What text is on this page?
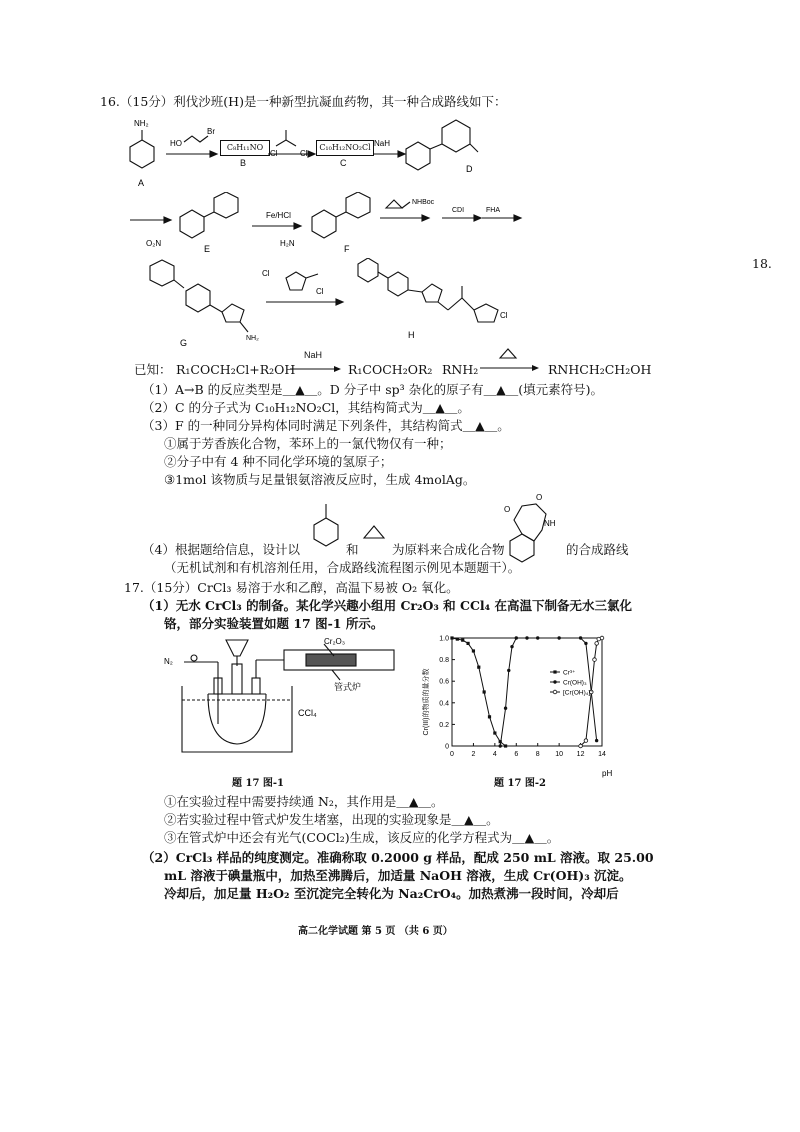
18.
16.（15分）利伐沙班(H)是一种新型抗凝血药物，其一种合成路线如下：
NH₂
A
HO
Br
Cl	Cl
NaH
D
C₈H₁₁NO
B
C₁₀H₁₂NO₂Cl
C
O₂N
E
Fe/HCl
H₂N
F
NHBoc
CDI	FHA
Cl
Cl
NH₂
G
Cl
H
已知： R₁COCH₂Cl+R₂OH
NaH
R₁COCH₂OR₂ RNH₂	RNHCH₂CH₂OH
（1）A→B 的反应类型是＿▲＿。D 分子中 sp³ 杂化的原子有＿▲＿(填元素符号)。
（2）C 的分子式为 C₁₀H₁₂NO₂Cl，其结构简式为＿▲＿。
（3）F 的一种同分异构体同时满足下列条件，其结构简式＿▲＿。
①属于芳香族化合物，苯环上的一氯代物仅有一种；
②分子中有 4 种不同化学环境的氢原子；
③1mol 该物质与足量银氨溶液反应时，生成 4molAg。
O
O
NH
（4）根据题给信息，设计以	和	为原料来合成化合物	的合成路线
（无机试剂和有机溶剂任用，合成路线流程图示例见本题题干）。
17.（15分）CrCl₃ 易溶于水和乙醇，高温下易被 O₂ 氧化。
（1）无水 CrCl₃ 的制备。某化学兴趣小组用 Cr₂O₃ 和 CCl₄ 在高温下制备无水三氯化
铬，部分实验装置如题 17 图-1 所示。
N₂
Cr₂O₃
管式炉
CCl₄
题 17 图-1
0	2	4	6	8 10 12 14
0
0.2
0.4
0.6
0.8
1.0
Cr³⁺
Cr(OH)₃
[Cr(OH)₄]⁻
Cr(III)的物质的量分数
pH
题 17 图-2
①在实验过程中需要持续通 N₂，其作用是＿▲＿。
②若实验过程中管式炉发生堵塞，出现的实验现象是＿▲＿。
③在管式炉中还会有光气(COCl₂)生成，该反应的化学方程式为＿▲＿。
（2）CrCl₃ 样品的纯度测定。准确称取 0.2000 g 样品，配成 250 mL 溶液。取 25.00
mL 溶液于碘量瓶中，加热至沸腾后，加适量 NaOH 溶液，生成 Cr(OH)₃ 沉淀。
冷却后，加足量 H₂O₂ 至沉淀完全转化为 Na₂CrO₄。加热煮沸一段时间，冷却后
高二化学试题 第 5 页 （共 6 页）
